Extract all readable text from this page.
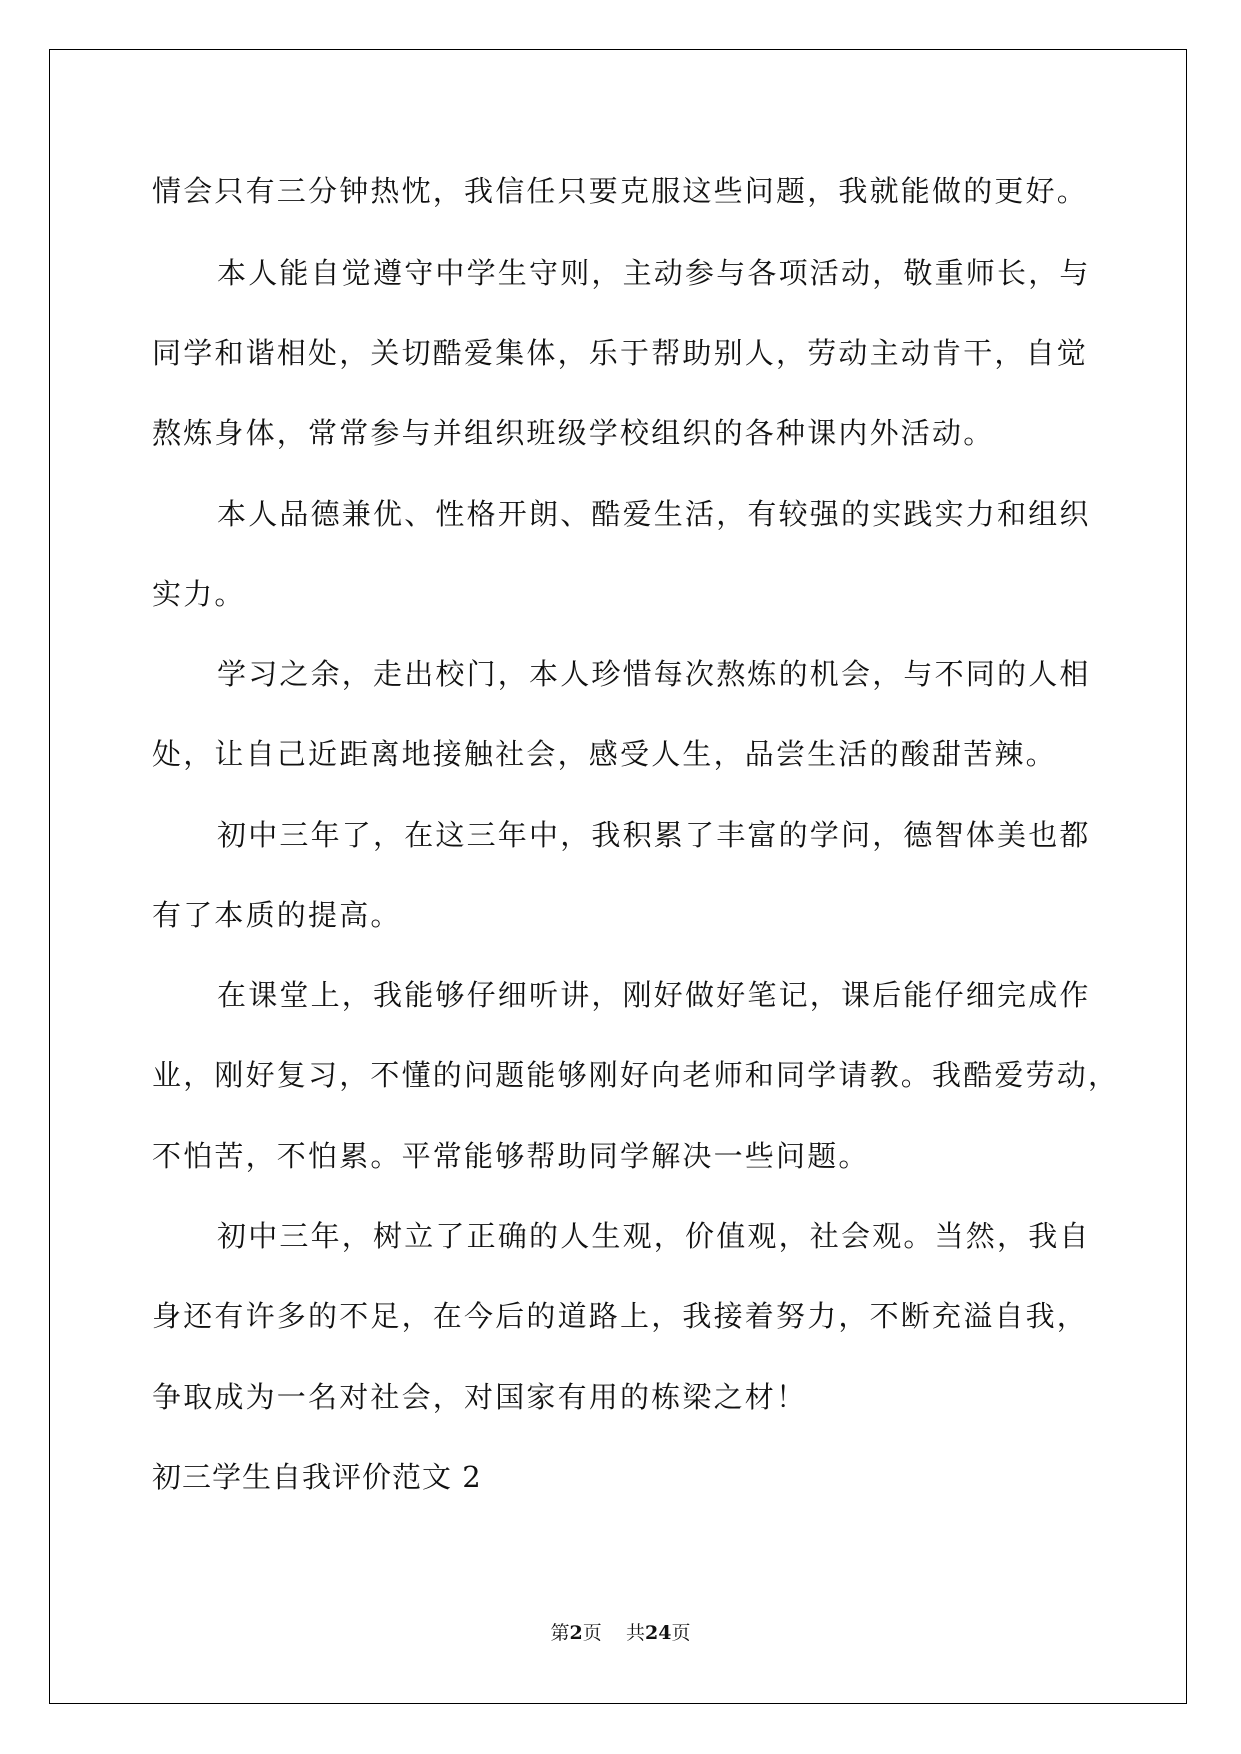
情会只有三分钟热忱，我信任只要克服这些问题，我就能做的更好。
本人能自觉遵守中学生守则，主动参与各项活动，敬重师长，与
同学和谐相处，关切酷爱集体，乐于帮助别人，劳动主动肯干，自觉
熬炼身体，常常参与并组织班级学校组织的各种课内外活动。
本人品德兼优、性格开朗、酷爱生活，有较强的实践实力和组织
实力。
学习之余，走出校门，本人珍惜每次熬炼的机会，与不同的人相
处，让自己近距离地接触社会，感受人生，品尝生活的酸甜苦辣。
初中三年了，在这三年中，我积累了丰富的学问，德智体美也都
有了本质的提高。
在课堂上，我能够仔细听讲，刚好做好笔记，课后能仔细完成作
业，刚好复习，不懂的问题能够刚好向老师和同学请教。我酷爱劳动，
不怕苦，不怕累。平常能够帮助同学解决一些问题。
初中三年，树立了正确的人生观，价值观，社会观。当然，我自
身还有许多的不足，在今后的道路上，我接着努力，不断充溢自我，
争取成为一名对社会，对国家有用的栋梁之材！
初三学生自我评价范文 2
第2页 共24页
